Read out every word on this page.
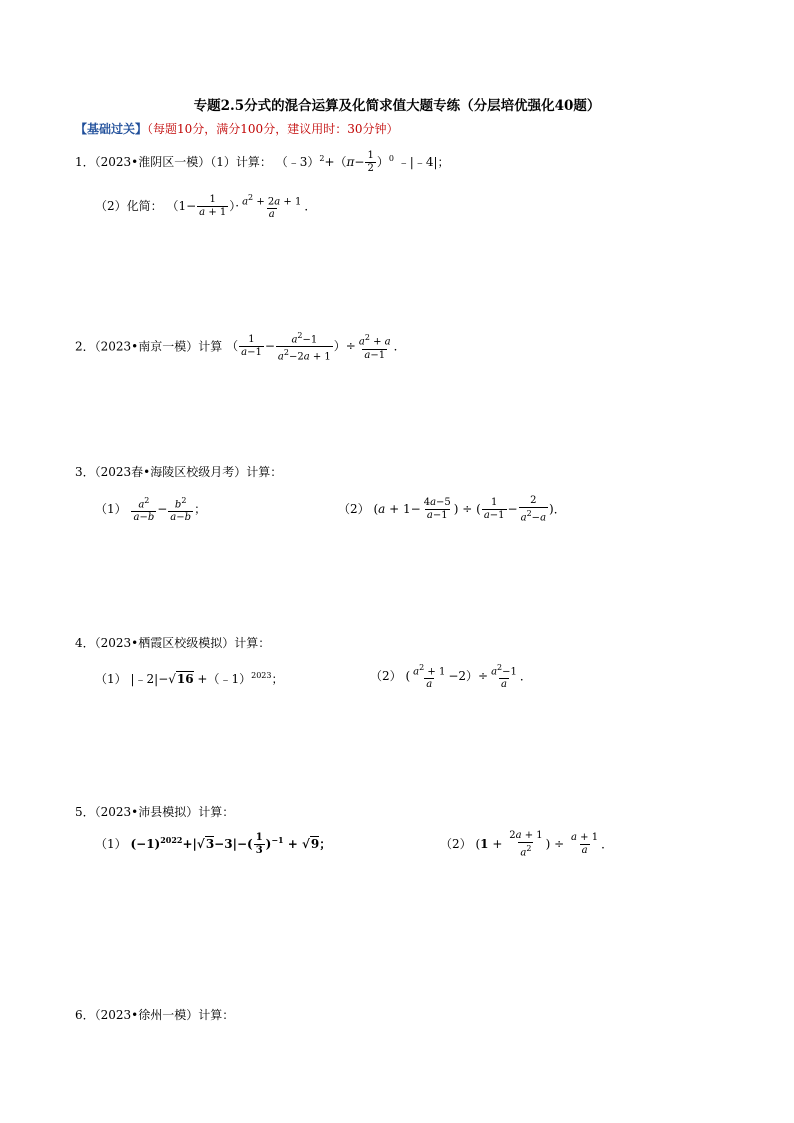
专题2.5分式的混合运算及化简求值大题专练（分层培优强化40题）
【基础过关】（每题10分，满分100分，建议用时：30分钟）
1．（2023•淮阴区一模）（1）计算： （﹣3）$^2$+（π− $\frac{1}{2} )^0$ ﹣|﹣4|；
（2）化简： （$1- \frac{1}{a + 1}$ ）· $\frac{a^2 + 2a + 1}{a}$ ．
2．（2023•南京一模）计算 （ $\frac{1}{a-1} - \frac{a^2-1}{a^2-2a + 1}$ ）÷ $\frac{a^2 + a}{a-1}$ ．
3．（2023春•海陵区校级月考）计算：
$(1) \frac{a^2}{a-b} - \frac{b^2}{a-b}$ ；	（2） ($a + 1- \frac{4a-5}{a-1}$ ) ÷ ( $\frac{1}{a-1} - \frac{2}{a^2-a}$ )．
4．（2023•栖霞区校级模拟）计算：
（1） |﹣2|−√16 +（﹣1）$^{2023}$；	（2） ( $\frac{a^2 + 1}{a} -2)\div \frac{a^2-1}{a}$ ．
5．（2023•沛县模拟）计算：
（1） $(-1)^{2022}+|√3-3|-( \frac{1}{3} )^{-1} + √9$；	（2） ($1 + \frac{2a + 1}{a^2}$ ) ÷ $\frac{a + 1}{a}$ ．
6．（2023•徐州一模）计算：
